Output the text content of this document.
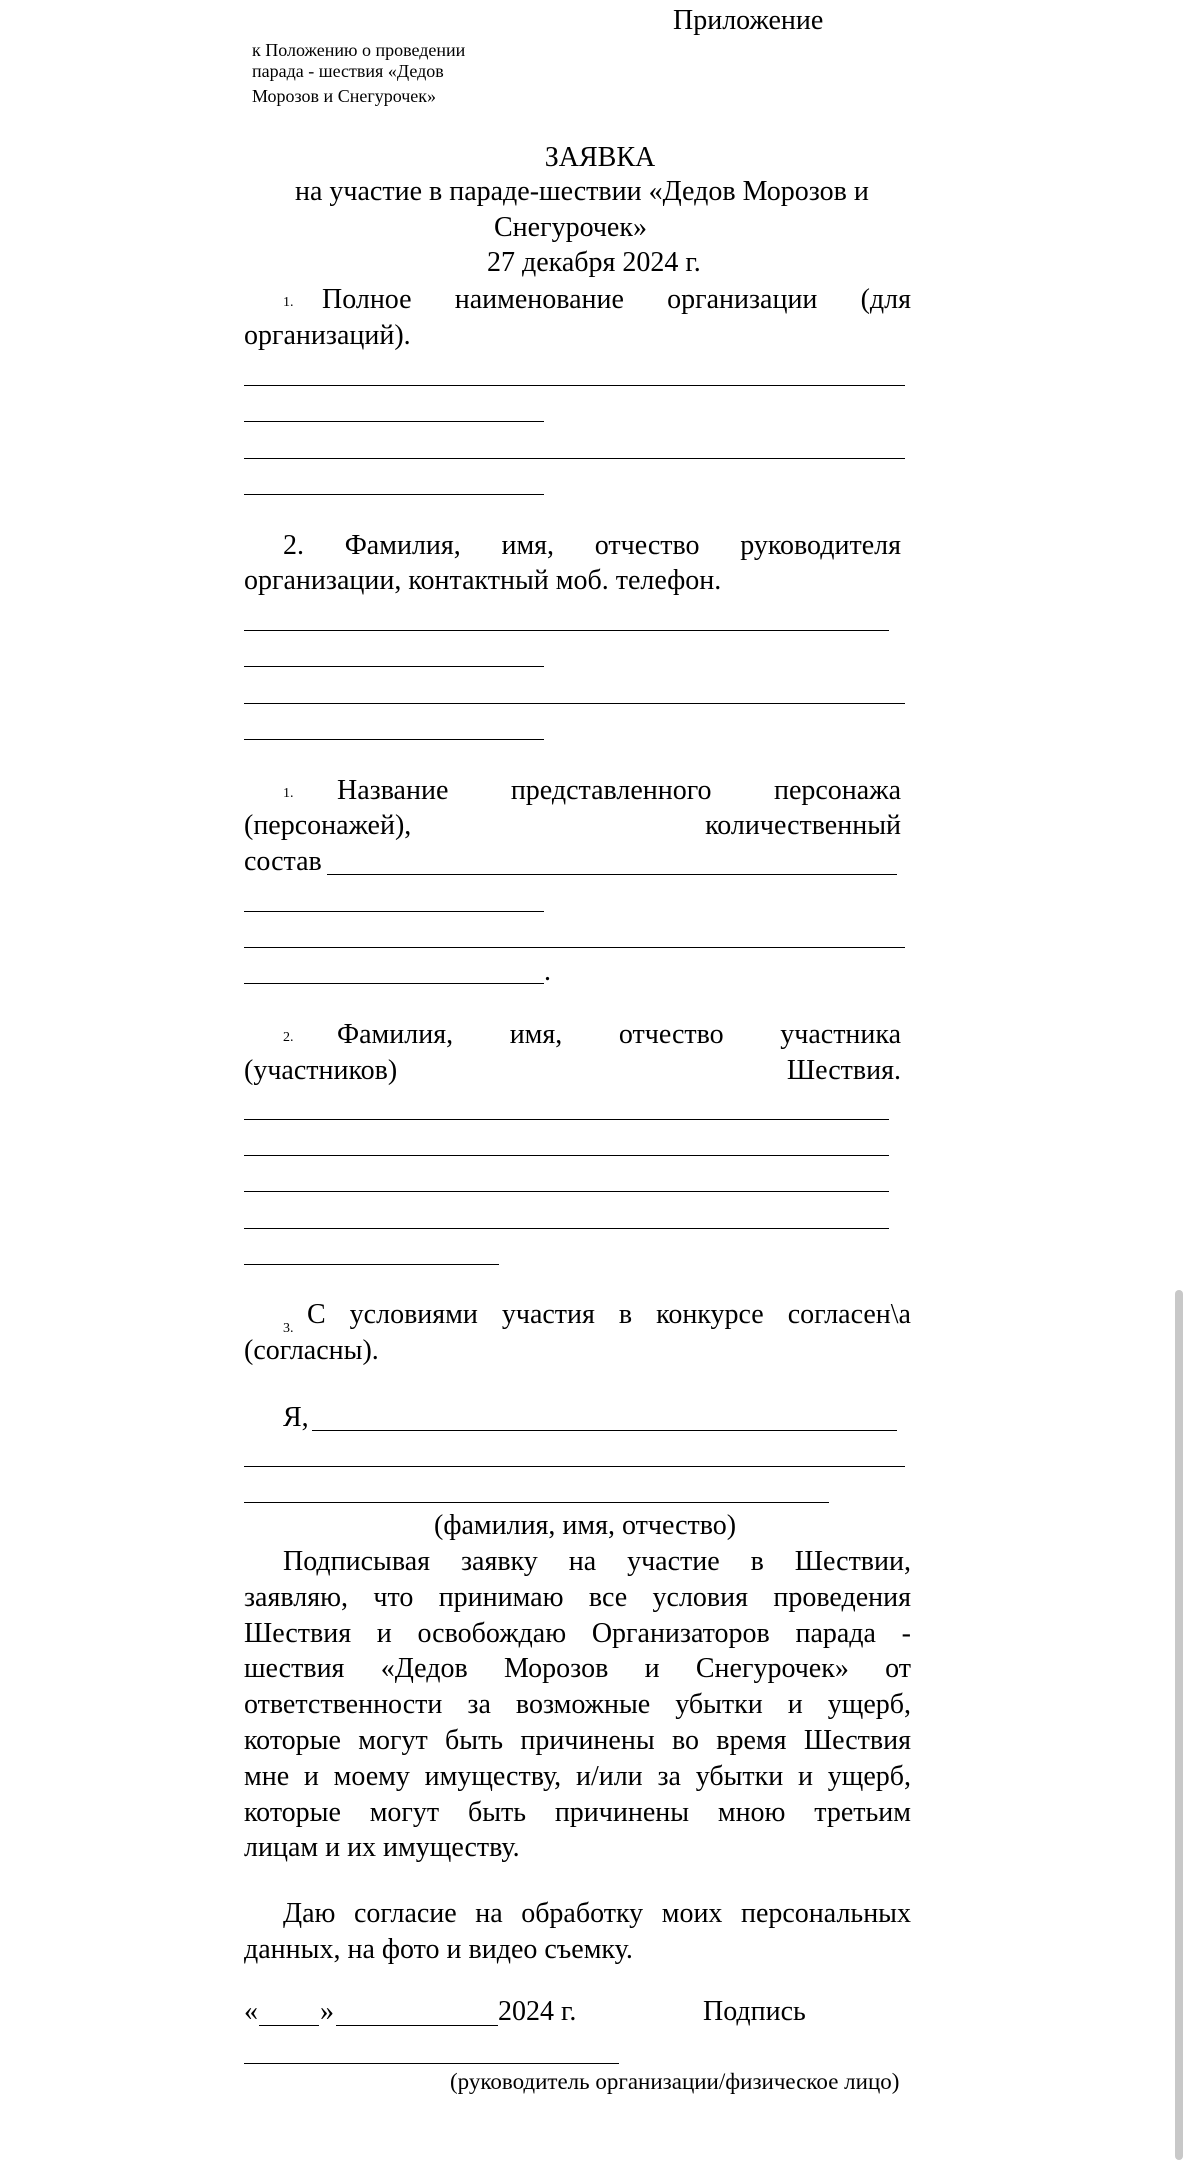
Приложение
к Положению о проведении
парада - шествия «Дедов
Морозов и Снегурочек»
ЗАЯВКА
на участие в параде-шествии «Дедов Морозов и
Снегурочек»
27 декабря 2024 г.
1. Полное наименование организации (для
организаций).
2. Фамилия, имя, отчество руководителя
организации, контактный моб. телефон.
1. Название представленного персонажа
(персонажей),	количественный
состав
.
2. Фамилия, имя, отчество участника
(участников)	Шествия.
3. С условиями участия в конкурсе согласен\а
(согласны).
Я,
(фамилия, имя, отчество)
Подписывая заявку на участие в Шествии,
заявляю, что принимаю все условия проведения
Шествия и освобождаю Организаторов парада -
шествия «Дедов Морозов и Снегурочек» от
ответственности за возможные убытки и ущерб,
которые могут быть причинены во время Шествия
мне и моему имуществу, и/или за убытки и ущерб,
которые могут быть причинены мною третьим
лицам и их имуществу.
Даю согласие на обработку моих персональных
данных, на фото и видео съемку.
« »	2024 г.	Подпись
(руководитель организации/физическое лицо)
